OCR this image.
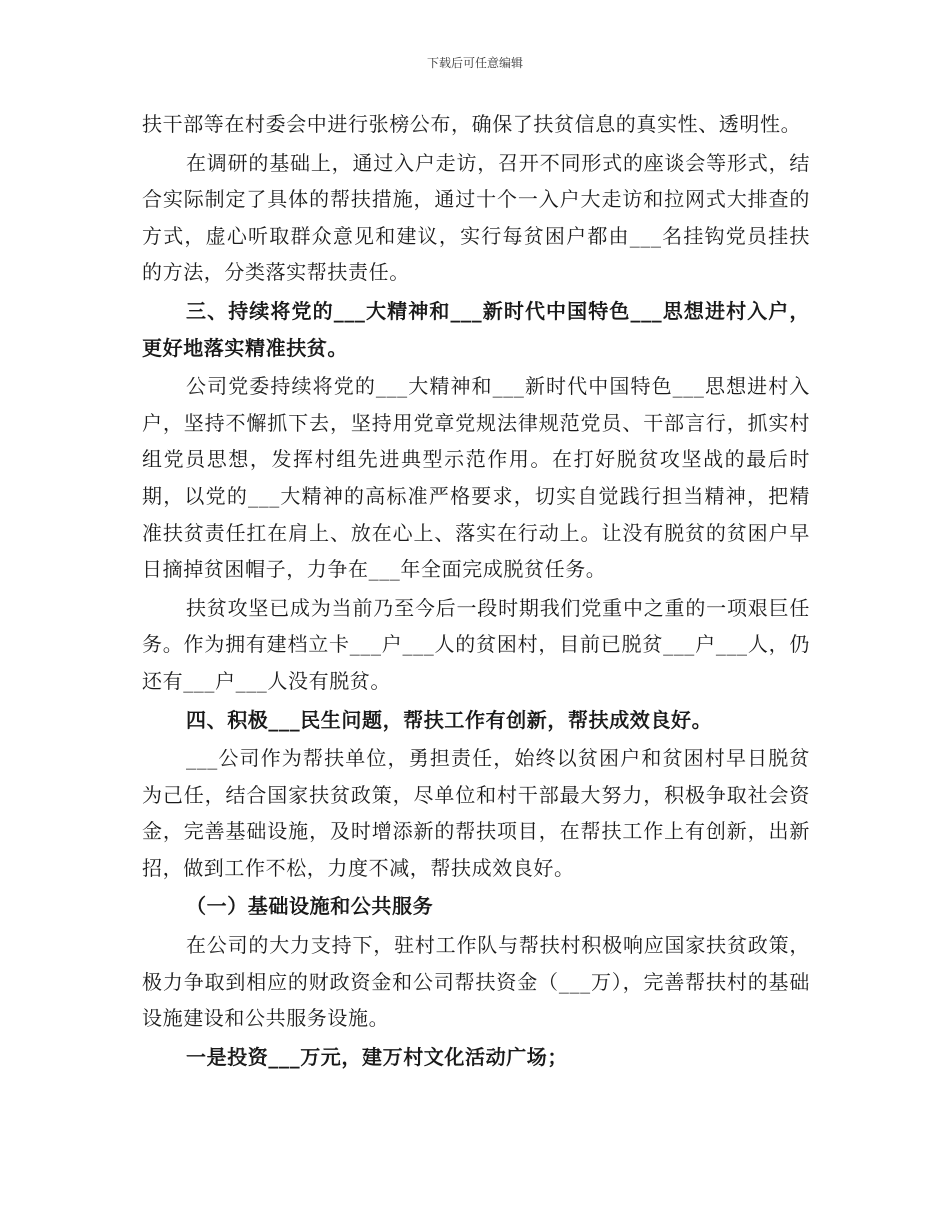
下载后可任意编辑

扶干部等在村委会中进行张榜公布，确保了扶贫信息的真实性、透明性。

在调研的基础上，通过入户走访，召开不同形式的座谈会等形式，结合实际制定了具体的帮扶措施，通过十个一入户大走访和拉网式大排查的方式，虚心听取群众意见和建议，实行每贫困户都由___名挂钩党员挂扶的方法，分类落实帮扶责任。

三、持续将党的___大精神和___新时代中国特色___思想进村入户，更好地落实精准扶贫。

公司党委持续将党的___大精神和___新时代中国特色___思想进村入户，坚持不懈抓下去，坚持用党章党规法律规范党员、干部言行，抓实村组党员思想，发挥村组先进典型示范作用。在打好脱贫攻坚战的最后时期，以党的___大精神的高标准严格要求，切实自觉践行担当精神，把精准扶贫责任扛在肩上、放在心上、落实在行动上。让没有脱贫的贫困户早日摘掉贫困帽子，力争在___年全面完成脱贫任务。

扶贫攻坚已成为当前乃至今后一段时期我们党重中之重的一项艰巨任务。作为拥有建档立卡___户___人的贫困村，目前已脱贫___户___人，仍还有___户___人没有脱贫。

四、积极___民生问题，帮扶工作有创新，帮扶成效良好。

___公司作为帮扶单位，勇担责任，始终以贫困户和贫困村早日脱贫为己任，结合国家扶贫政策，尽单位和村干部最大努力，积极争取社会资金，完善基础设施，及时增添新的帮扶项目，在帮扶工作上有创新，出新招，做到工作不松，力度不减，帮扶成效良好。

（一）基础设施和公共服务

在公司的大力支持下，驻村工作队与帮扶村积极响应国家扶贫政策，极力争取到相应的财政资金和公司帮扶资金（___万），完善帮扶村的基础设施建设和公共服务设施。

一是投资___万元，建万村文化活动广场；
